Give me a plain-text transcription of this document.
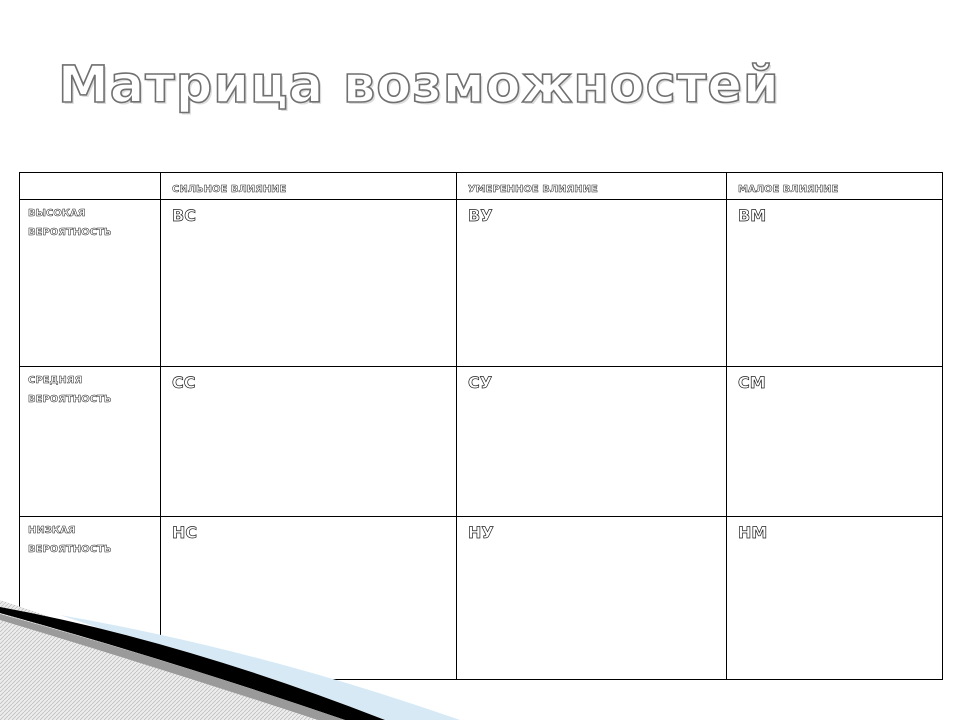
Матрица возможностей
	СИЛЬНОЕ ВЛИЯНИЕ	УМЕРЕННОЕ ВЛИЯНИЕ	МАЛОЕ ВЛИЯНИЕ

ВЫСОКАЯ
ВЕРОЯТНОСТЬ	ВС	ВУ	ВМ

СРЕДНЯЯ
ВЕРОЯТНОСТЬ	СС	СУ	СМ

НИЗКАЯ
ВЕРОЯТНОСТЬ	НС	НУ	НМ
